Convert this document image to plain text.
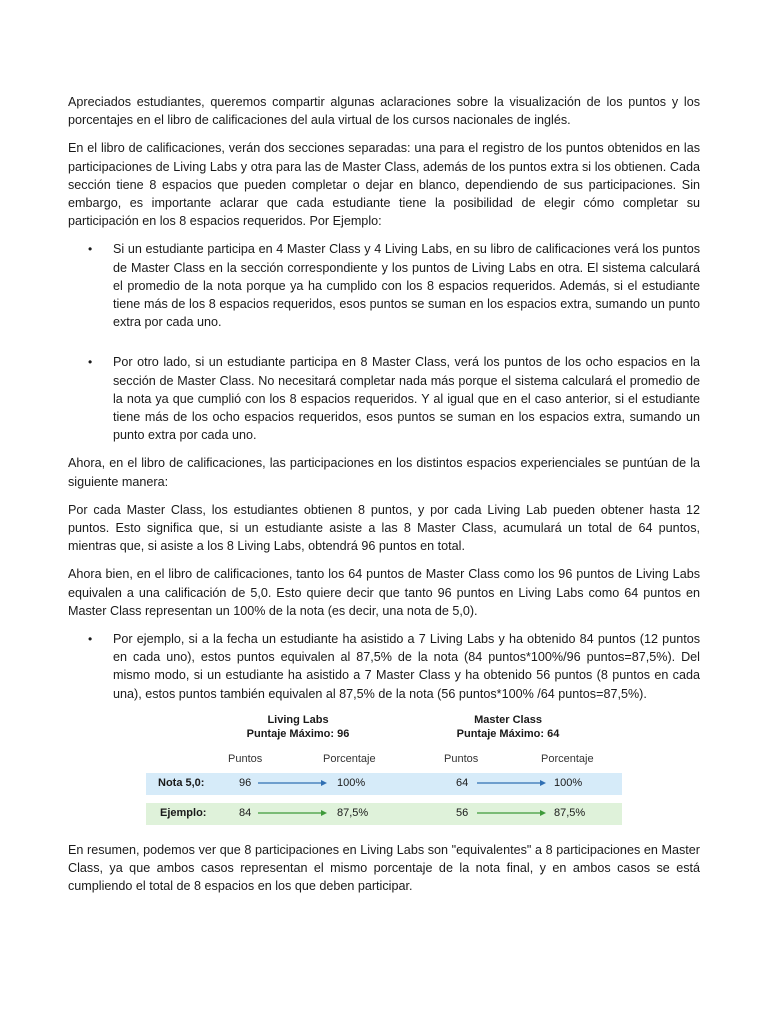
Apreciados estudiantes, queremos compartir algunas aclaraciones sobre la visualización de los puntos y los porcentajes en el libro de calificaciones del aula virtual de los cursos nacionales de inglés.

En el libro de calificaciones, verán dos secciones separadas: una para el registro de los puntos obtenidos en las participaciones de Living Labs y otra para las de Master Class, además de los puntos extra si los obtienen. Cada sección tiene 8 espacios que pueden completar o dejar en blanco, dependiendo de sus participaciones. Sin embargo, es importante aclarar que cada estudiante tiene la posibilidad de elegir cómo completar su participación en los 8 espacios requeridos. Por Ejemplo:

• Si un estudiante participa en 4 Master Class y 4 Living Labs, en su libro de calificaciones verá los puntos de Master Class en la sección correspondiente y los puntos de Living Labs en otra. El sistema calculará el promedio de la nota porque ya ha cumplido con los 8 espacios requeridos. Además, si el estudiante tiene más de los 8 espacios requeridos, esos puntos se suman en los espacios extra, sumando un punto extra por cada uno.
• Por otro lado, si un estudiante participa en 8 Master Class, verá los puntos de los ocho espacios en la sección de Master Class. No necesitará completar nada más porque el sistema calculará el promedio de la nota ya que cumplió con los 8 espacios requeridos. Y al igual que en el caso anterior, si el estudiante tiene más de los ocho espacios requeridos, esos puntos se suman en los espacios extra, sumando un punto extra por cada uno.

Ahora, en el libro de calificaciones, las participaciones en los distintos espacios experienciales se puntúan de la siguiente manera:

Por cada Master Class, los estudiantes obtienen 8 puntos, y por cada Living Lab pueden obtener hasta 12 puntos. Esto significa que, si un estudiante asiste a las 8 Master Class, acumulará un total de 64 puntos, mientras que, si asiste a los 8 Living Labs, obtendrá 96 puntos en total.

Ahora bien, en el libro de calificaciones, tanto los 64 puntos de Master Class como los 96 puntos de Living Labs equivalen a una calificación de 5,0. Esto quiere decir que tanto 96 puntos en Living Labs como 64 puntos en Master Class representan un 100% de la nota (es decir, una nota de 5,0).

• Por ejemplo, si a la fecha un estudiante ha asistido a 7 Living Labs y ha obtenido 84 puntos (12 puntos en cada uno), estos puntos equivalen al 87,5% de la nota (84 puntos*100%/96 puntos=87,5%). Del mismo modo, si un estudiante ha asistido a 7 Master Class y ha obtenido 56 puntos (8 puntos en cada una), estos puntos también equivalen al 87,5% de la nota (56 puntos*100% /64 puntos=87,5%).
Living Labs
Puntaje Máximo: 96
Master Class
Puntaje Máximo: 64
Puntos	Porcentaje	Puntos	Porcentaje
Nota 5,0:	96	100%	64	100%
Ejemplo:	84	87,5%	56	87,5%

En resumen, podemos ver que 8 participaciones en Living Labs son "equivalentes" a 8 participaciones en Master Class, ya que ambos casos representan el mismo porcentaje de la nota final, y en ambos casos se está cumpliendo el total de 8 espacios en los que deben participar.
